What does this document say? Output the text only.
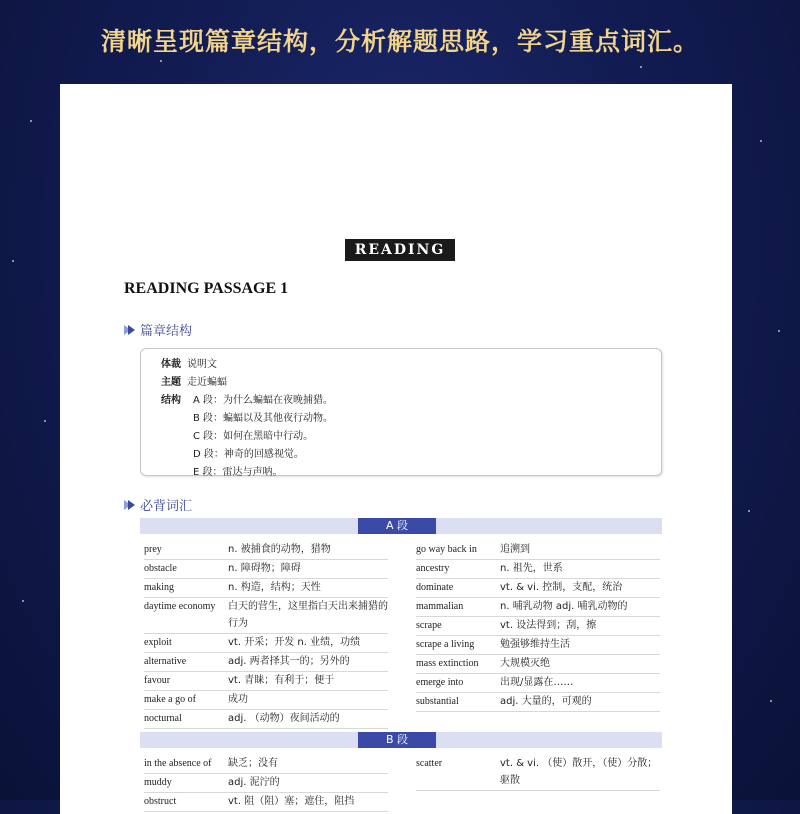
清晰呈现篇章结构，分析解题思路，学习重点词汇。
READING
READING PASSAGE 1
篇章结构
体裁 说明文
主题 走近蝙蝠
结构	A 段：为什么蝙蝠在夜晚捕猎。
B 段：蝙蝠以及其他夜行动物。
C 段：如何在黑暗中行动。
D 段：神奇的回感视觉。
E 段：雷达与声呐。
必背词汇
A 段
prey	n. 被捕食的动物，猎物
obstacle	n. 障碍物；障碍
making	n. 构造，结构；天性
daytime economy	白天的营生，这里指白天出来捕猎的行为
exploit	vt. 开采；开发 n. 业绩，功绩
alternative	adj. 两者择其一的；另外的
favour	vt. 青睐；有利于；便于
make a go of	成功
nocturnal	adj. （动物）夜间活动的
go way back in	追溯到
ancestry	n. 祖先，世系
dominate	vt. & vi. 控制，支配，统治
mammalian	n. 哺乳动物 adj. 哺乳动物的
scrape	vt. 设法得到；刮，擦
scrape a living	勉强够维持生活
mass extinction	大规模灭绝
emerge into	出现/显露在……
substantial	adj. 大量的，可观的
B 段
in the absence of	缺乏；没有
muddy	adj. 泥泞的
obstruct	vt. 阻（阻）塞；遮住，阻挡
scatter	vt. & vi. （使）散开，（使）分散；驱散
